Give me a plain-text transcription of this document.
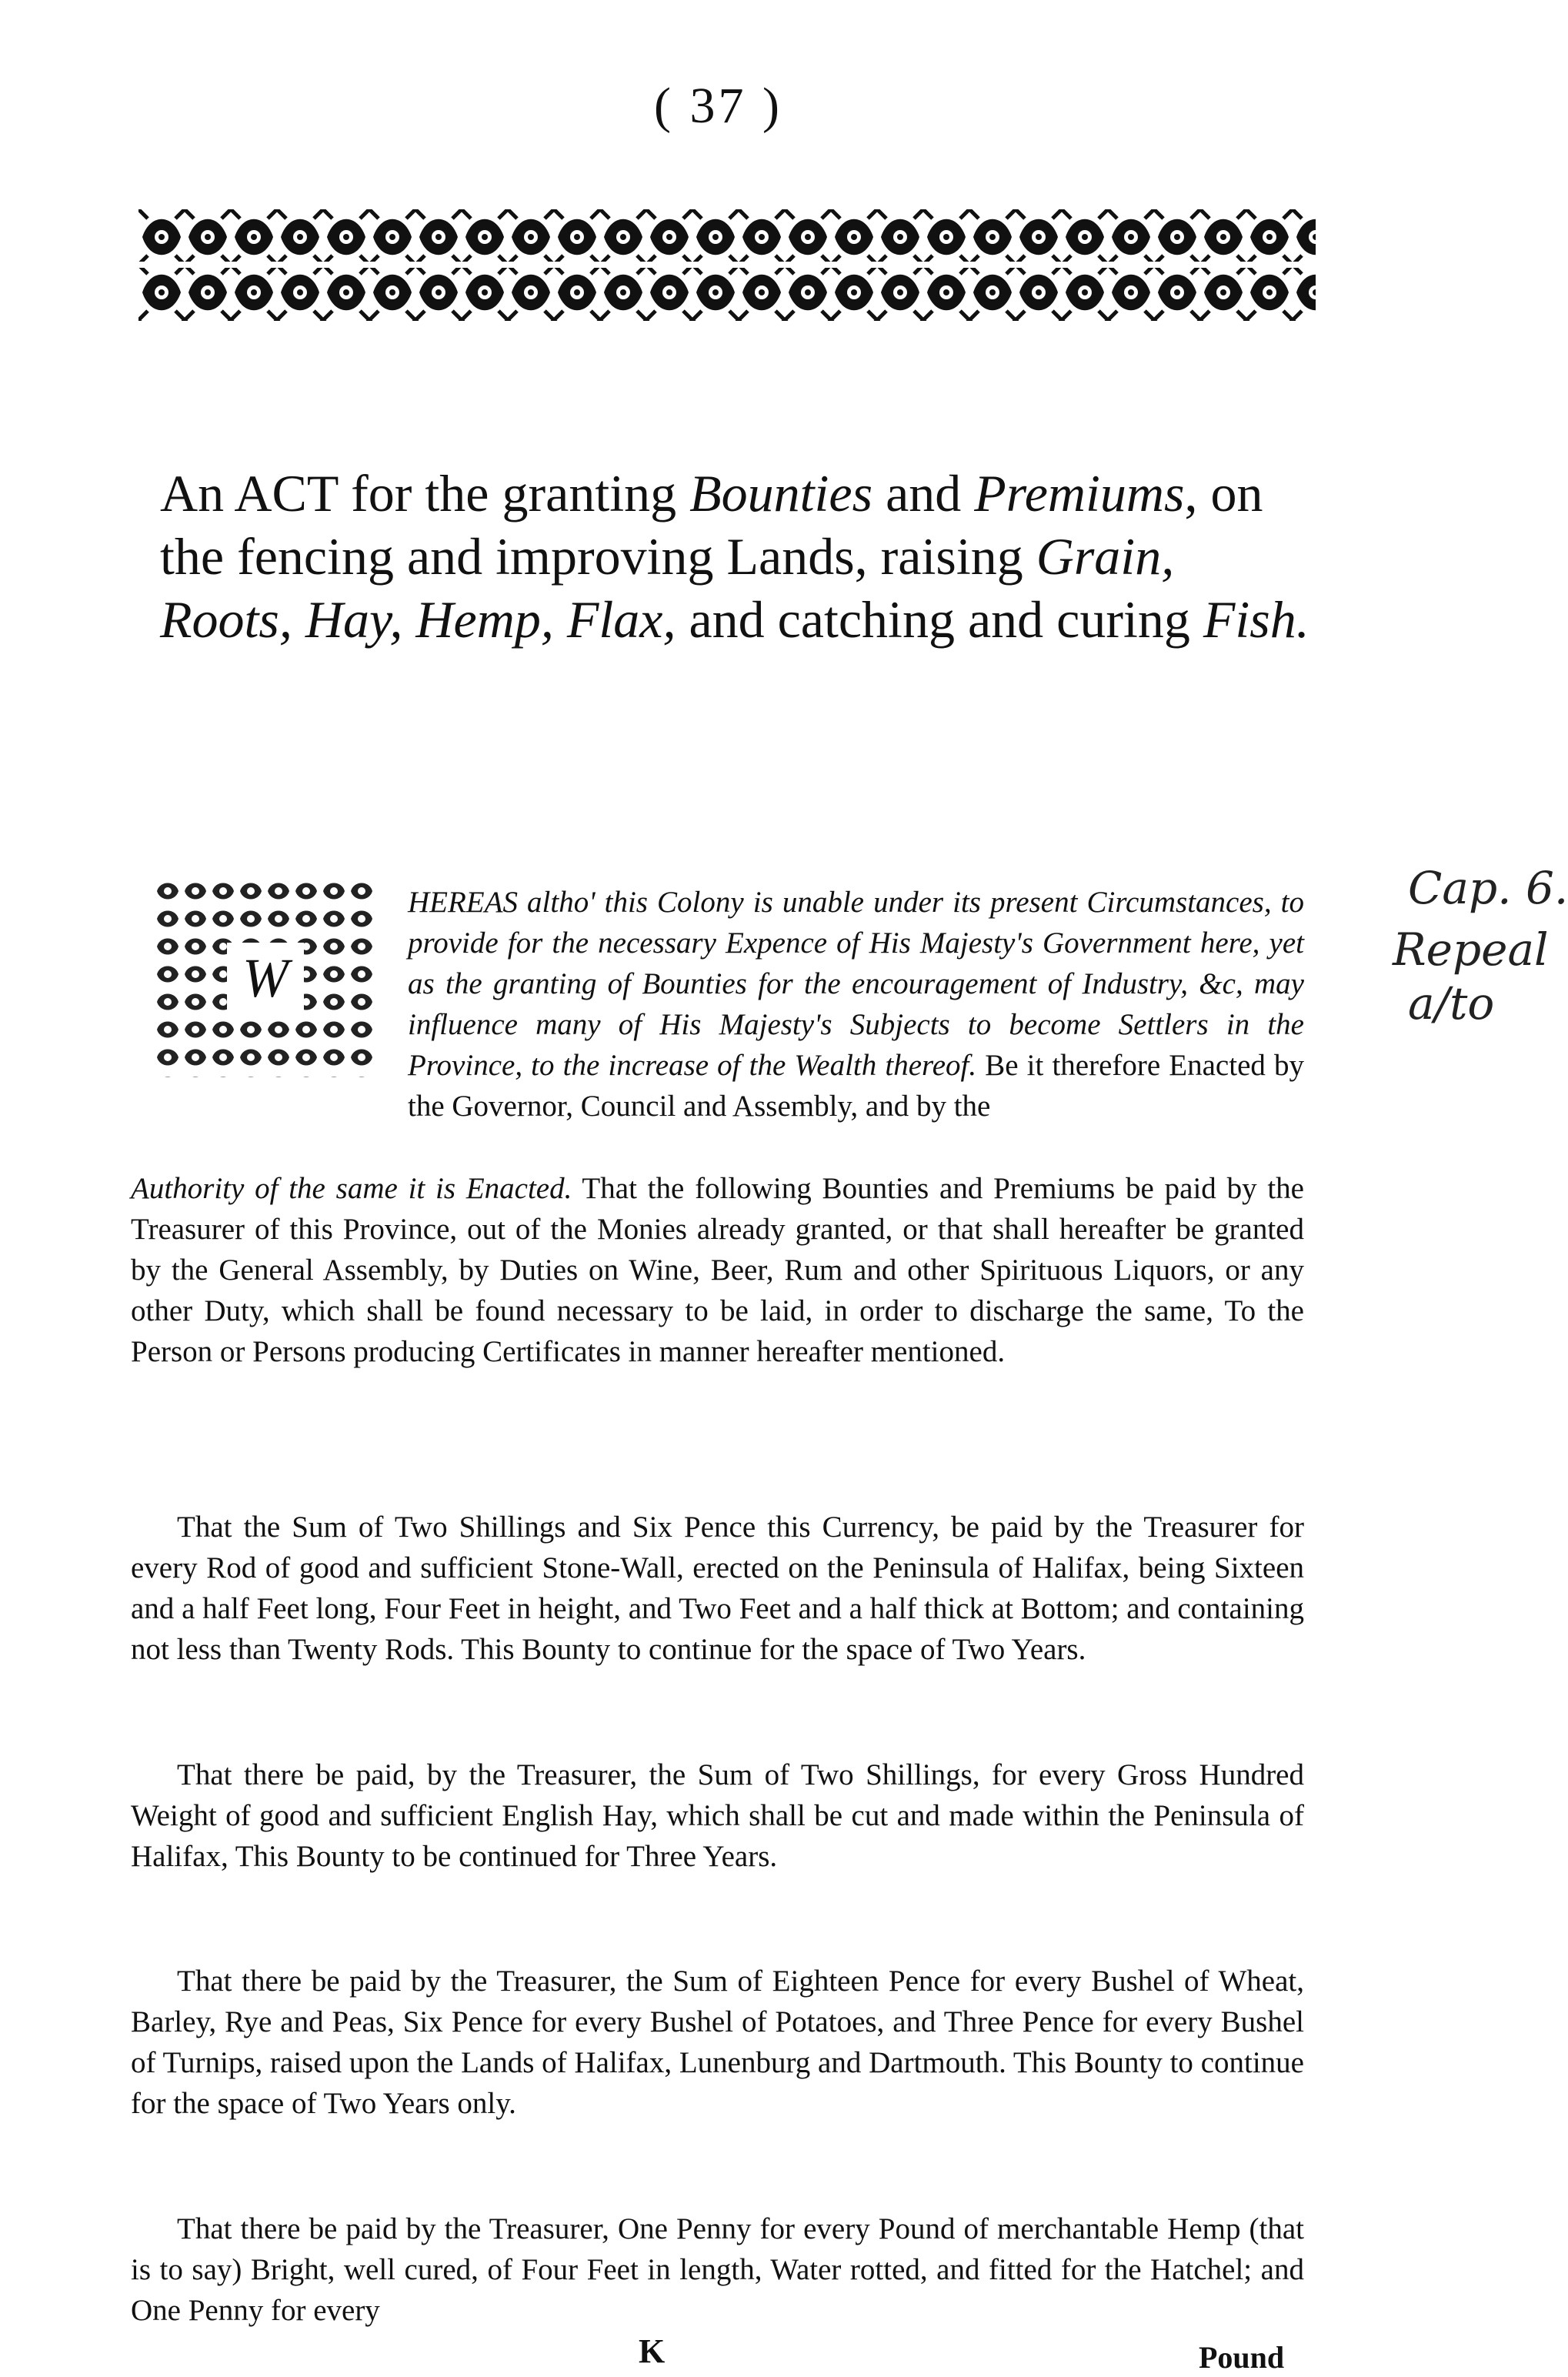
( 37 )
An ACT for the granting Bounties and Premiums, on the fencing and improving Lands, raising Grain, Roots, Hay, Hemp, Flax, and catching and curing Fish.
Cap. 6.
Repeal
a/to
W
HEREAS altho' this Colony is unable under its present Circumstances, to provide for the necessary Expence of His Majesty's Government here, yet as the granting of Bounties for the encouragement of Industry, &c, may influence many of His Majesty's Subjects to become Settlers in the Province, to the increase of the Wealth thereof. Be it therefore Enacted by the Governor, Council and Assembly, and by the
Authority of the same it is Enacted. That the following Bounties and Premiums be paid by the Treasurer of this Province, out of the Monies already granted, or that shall hereafter be granted by the General Assembly, by Duties on Wine, Beer, Rum and other Spirituous Liquors, or any other Duty, which shall be found necessary to be laid, in order to discharge the same, To the Person or Persons producing Certificates in manner hereafter mentioned.
That the Sum of Two Shillings and Six Pence this Currency, be paid by the Treasurer for every Rod of good and sufficient Stone-Wall, erected on the Peninsula of Halifax, being Sixteen and a half Feet long, Four Feet in height, and Two Feet and a half thick at Bottom; and containing not less than Twenty Rods. This Bounty to continue for the space of Two Years.
That there be paid, by the Treasurer, the Sum of Two Shillings, for every Gross Hundred Weight of good and sufficient English Hay, which shall be cut and made within the Peninsula of Halifax, This Bounty to be continued for Three Years.
That there be paid by the Treasurer, the Sum of Eighteen Pence for every Bushel of Wheat, Barley, Rye and Peas, Six Pence for every Bushel of Potatoes, and Three Pence for every Bushel of Turnips, raised upon the Lands of Halifax, Lunenburg and Dartmouth. This Bounty to continue for the space of Two Years only.
That there be paid by the Treasurer, One Penny for every Pound of merchantable Hemp (that is to say) Bright, well cured, of Four Feet in length, Water rotted, and fitted for the Hatchel; and One Penny for every
K	Pound
